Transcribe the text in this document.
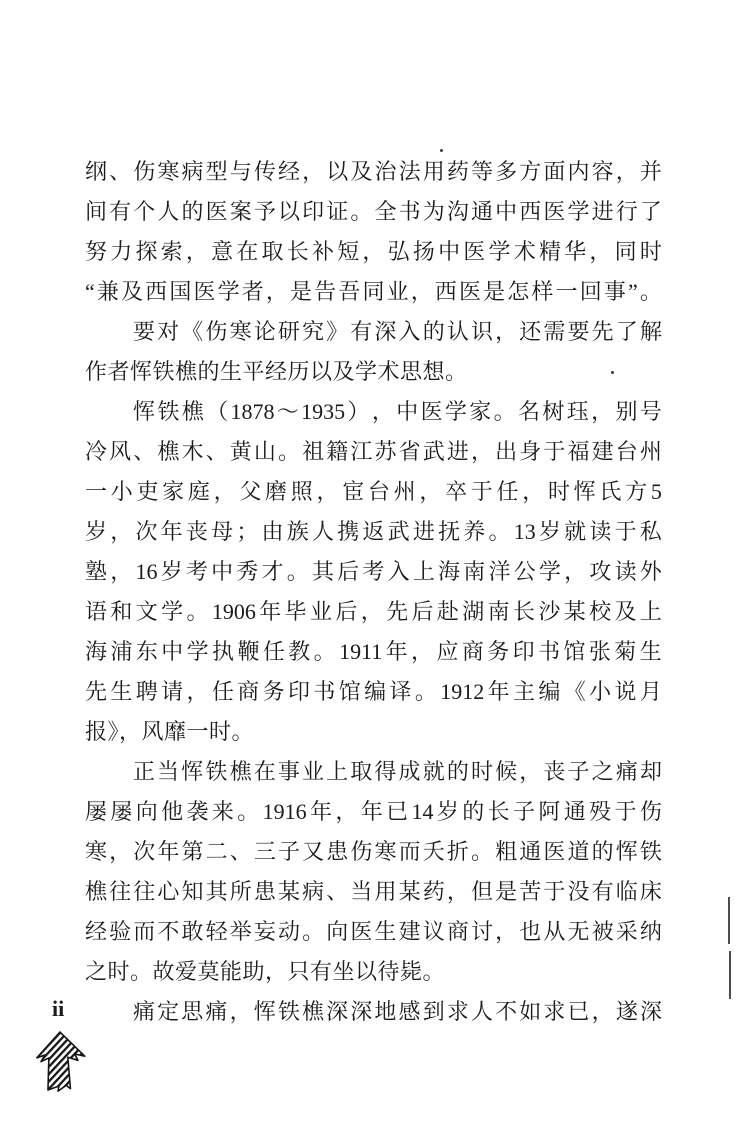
纲 、 伤 寒 病 型 与 传 经 ， 以 及 治 法 用 药 等 多 方 面 内 容 ， 并
间 有 个 人 的 医 案 予 以 印 证 。 全 书 为 沟 通 中 西 医 学 进 行 了
努 力 探 索 ， 意 在 取 长 补 短 ， 弘 扬 中 医 学 术 精 华 ， 同 时
“ 兼 及 西 国 医 学 者 ， 是 告 吾 同 业 ， 西 医 是 怎 样 一 回 事 ” 。
要 对 《 伤 寒 论 研 究 》 有 深 入 的 认 识 ， 还 需 要 先 了 解
作者恽铁樵的生平经历以及学术思想。
恽 铁 樵 （ 1878 ～ 1935 ） ， 中 医 学 家 。 名 树 珏 ， 别 号
冷 风 、 樵 木 、 黄 山 。 祖 籍 江 苏 省 武 进 ， 出 身 于 福 建 台 州
一 小 吏 家 庭 ， 父 磨 照 ， 宦 台 州 ， 卒 于 任 ， 时 恽 氏 方 5
岁 ， 次 年 丧 母 ； 由 族 人 携 返 武 进 抚 养 。 13 岁 就 读 于 私
塾 ， 16 岁 考 中 秀 才 。 其 后 考 入 上 海 南 洋 公 学 ， 攻 读 外
语 和 文 学 。 1906 年 毕 业 后 ， 先 后 赴 湖 南 长 沙 某 校 及 上
海 浦 东 中 学 执 鞭 任 教 。 1911 年 ， 应 商 务 印 书 馆 张 菊 生
先 生 聘 请 ， 任 商 务 印 书 馆 编 译 。 1912 年 主 编 《 小 说 月
报》，风靡一时。
正 当 恽 铁 樵 在 事 业 上 取 得 成 就 的 时 候 ， 丧 子 之 痛 却
屡 屡 向 他 袭 来 。 1916 年 ， 年 已 14 岁 的 长 子 阿 通 殁 于 伤
寒 ， 次 年 第 二 、 三 子 又 患 伤 寒 而 夭 折 。 粗 通 医 道 的 恽 铁
樵 往 往 心 知 其 所 患 某 病 、 当 用 某 药 ， 但 是 苦 于 没 有 临 床
经 验 而 不 敢 轻 举 妄 动 。 向 医 生 建 议 商 讨 ， 也 从 无 被 采 纳
之时。故爱莫能助，只有坐以待毙。
痛 定 思 痛 ， 恽 铁 樵 深 深 地 感 到 求 人 不 如 求 已 ， 遂 深
ii
